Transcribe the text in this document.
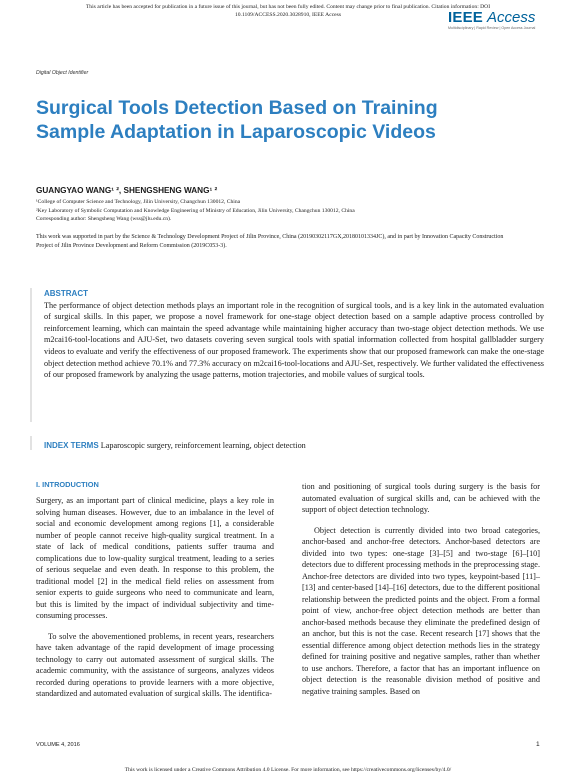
This article has been accepted for publication in a future issue of this journal, but has not been fully edited. Content may change prior to final publication. Citation information: DOI
10.1109/ACCESS.2020.3028910, IEEE Access	IEEE Access
Multidisciplinary | Rapid Review | Open Access Journal
Digital Object Identifier
Surgical Tools Detection Based on Training Sample Adaptation in Laparoscopic Videos
GUANGYAO WANG¹ ², SHENGSHENG WANG¹ ²
¹College of Computer Science and Technology, Jilin University, Changchun 130012, China
²Key Laboratory of Symbolic Computation and Knowledge Engineering of Ministry of Education, Jilin University, Changchun 130012, China
Corresponding author: Shengsheng Wang (wss@jlu.edu.cn).
This work was supported in part by the Science & Technology Development Project of Jilin Province, China (20190302117GX,20180101334JC), and in part by Innovation Capacity Construction Project of Jilin Province Development and Reform Commission (2019C053-3).
ABSTRACT
The performance of object detection methods plays an important role in the recognition of surgical tools, and is a key link in the automated evaluation of surgical skills. In this paper, we propose a novel framework for one-stage object detection based on a sample adaptive process controlled by reinforcement learning, which can maintain the speed advantage while maintaining higher accuracy than two-stage object detection methods. We use m2cai16-tool-locations and AJU-Set, two datasets covering seven surgical tools with spatial information collected from hospital gallbladder surgery videos to evaluate and verify the effectiveness of our proposed framework. The experiments show that our proposed framework can make the one-stage object detection method achieve 70.1% and 77.3% accuracy on m2cai16-tool-locations and AJU-Set, respectively. We further validated the effectiveness of our proposed framework by analyzing the usage patterns, motion trajectories, and mobile values of surgical tools.
INDEX TERMS Laparoscopic surgery, reinforcement learning, object detection
I. INTRODUCTION

Surgery, as an important part of clinical medicine, plays a key role in solving human diseases. However, due to an imbalance in the level of social and economic development among regions [1], a considerable number of people cannot receive high-quality surgical treatment. In a state of lack of medical conditions, patients suffer trauma and complications due to low-quality surgical treatment, leading to a series of serious sequelae and even death. In response to this problem, the traditional model [2] in the medical field relies on assessment from senior experts to guide surgeons who need to communicate and learn, but this is limited by the impact of individual subjectivity and time-consuming processes.

To solve the abovementioned problems, in recent years, researchers have taken advantage of the rapid development of image processing technology to carry out automated assessment of surgical skills. The academic community, with the assistance of surgeons, analyzes videos recorded during operations to provide learners with a more objective, standardized and automated evaluation of surgical skills. The identifica-

tion and positioning of surgical tools during surgery is the basis for automated evaluation of surgical skills and, can be achieved with the support of object detection technology.

Object detection is currently divided into two broad categories, anchor-based and anchor-free detectors. Anchor-based detectors are divided into two types: one-stage [3]–[5] and two-stage [6]–[10] detectors due to different processing methods in the preprocessing stage. Anchor-free detectors are divided into two types, keypoint-based [11]–[13] and center-based [14]–[16] detectors, due to the different positional relationship between the predicted points and the object. From a formal point of view, anchor-free object detection methods are better than anchor-based methods because they eliminate the predefined design of an anchor, but this is not the case. Recent research [17] shows that the essential difference among object detection methods lies in the strategy defined for training positive and negative samples, rather than whether to use anchors. Therefore, a factor that has an important influence on object detection is the reasonable division method of positive and negative training samples. Based on

VOLUME 4, 2016	1
This work is licensed under a Creative Commons Attribution 4.0 License. For more information, see https://creativecommons.org/licenses/by/4.0/
